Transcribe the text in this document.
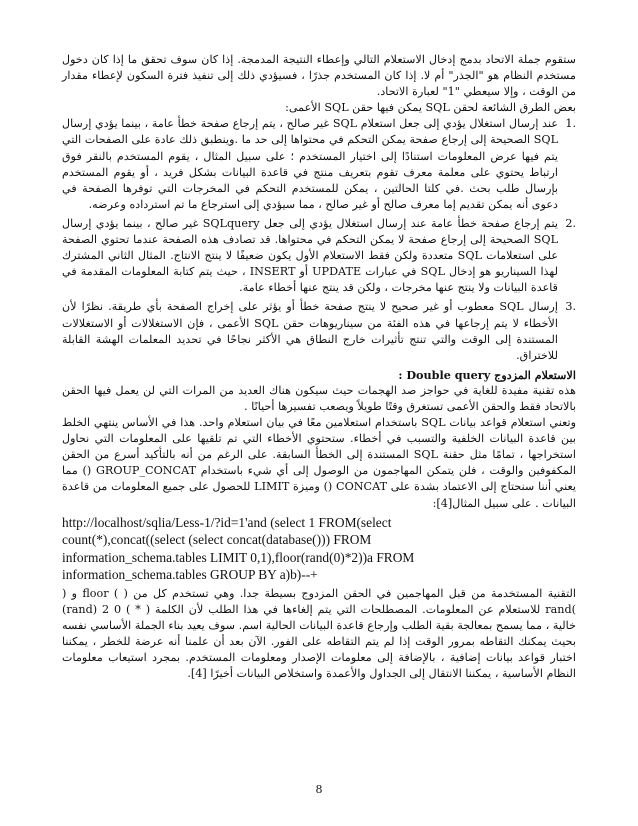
ستقوم جملة الاتحاد بدمج إدخال الاستعلام التالي وإعطاء النتيجة المدمجة. إذا كان سوف تحقق ما إذا كان دخول مستخدم النظام هو "الجذر" أم لا. إذا كان المستخدم جذرًا ، فسيؤدي ذلك إلى تنفيذ فترة السكون لإعطاء مقدار من الوقت ، وإلا سيعطي "1" لعبارة الاتحاد.

بعض الطرق الشائعة لحقن SQL يمكن فيها حقن SQL الأعمى:

.1
عند إرسال استغلال يؤدي إلى جعل استعلام SQL غير صالح ، يتم إرجاع صفحة خطأ عامة ، بينما يؤدي إرسال SQL الصحيحة إلى إرجاع صفحة يمكن التحكم في محتواها إلى حد ما .وينطبق ذلك عادة على الصفحات التي يتم فيها عرض المعلومات استنادًا إلى اختيار المستخدم ؛ على سبيل المثال ، يقوم المستخدم بالنقر فوق ارتباط يحتوي على معلمة معرف تقوم بتعريف منتج في قاعدة البيانات بشكل فريد ، أو يقوم المستخدم بإرسال طلب بحث .في كلتا الحالتين ، يمكن للمستخدم التحكم في المخرجات التي توفرها الصفحة في دعوى أنه يمكن تقديم إما معرف صالح أو غير صالح ، مما سيؤدي إلى استرجاع ما تم استرداده وعرضه.
.2
يتم إرجاع صفحة خطأ عامة عند إرسال استغلال يؤدي إلى جعل SQLquery غير صالح ، بينما يؤدي إرسال SQL الصحيحة إلى إرجاع صفحة لا يمكن التحكم في محتواها. قد تصادف هذه الصفحة عندما تحتوي الصفحة على استعلامات SQL متعددة ولكن فقط الاستعلام الأول يكون ضعيفًا لا ينتج الانتاج. المثال الثاني المشترك لهذا السيناريو هو إدخال SQL في عبارات UPDATE أو INSERT ، حيث يتم كتابة المعلومات المقدمة في قاعدة البيانات ولا ينتج عنها مخرجات ، ولكن قد ينتج عنها أخطاء عامة.
.3
إرسال SQL معطوب أو غير صحيح لا ينتج صفحة خطأ أو يؤثر على إخراج الصفحة بأي طريقة. نظرًا لأن الأخطاء لا يتم إرجاعها في هذه الفئة من سيناريوهات حقن SQL الأعمى ، فإن الاستغلالات أو الاستغلالات المستندة إلى الوقت والتي تنتج تأثيرات خارج النطاق هي الأكثر نجاحًا في تحديد المعلمات الهشة القابلة للاختراق.

الاستعلام المزدوج Double query :

هذه تقنية مفيدة للغاية في حواجز صد الهجمات حيث سيكون هناك العديد من المرات التي لن يعمل فيها الحقن بالاتحاد فقط والحقن الأعمى تستغرق وقتًا طويلاً ويصعب تفسيرها أحيانًا .

وتعني استعلام قواعد بيانات SQL باستخدام استعلامين معًا في بيان استعلام واحد. هذا في الأساس ينتهي الخلط بين قاعدة البيانات الخلفية والتسبب في أخطاء. ستحتوي الأخطاء التي تم تلقيها على المعلومات التي نحاول استخراجها ، تمامًا مثل حقنة SQL المستندة إلى الخطأ السابقة. على الرغم من أنه بالتأكيد أسرع من الحقن المكفوفين والوقت ، فلن يتمكن المهاجمون من الوصول إلى أي شيء باستخدام GROUP_CONCAT () مما يعني أننا سنحتاج إلى الاعتماد بشدة على CONCAT () وميزة LIMIT للحصول على جميع المعلومات من قاعدة البيانات . على سبيل المثال[4]:

http://localhost/sqlia/Less-1/?id=1'and (select 1 FROM(select
count(*),concat((select (select concat(database())) FROM
information_schema.tables LIMIT 0,1),floor(rand(0)*2))a FROM
information_schema.tables GROUP BY a)b)--+

التقنية المستخدمة من قبل المهاجمين في الحقن المزدوج بسيطة جدا. وهي تستخدم كل من ( ) floor و ( )rand للاستعلام عن المعلومات. المصطلحات التي يتم إلغاءها في هذا الطلب لأن الكلمة ( * ) 0 rand) 2) خالية ، مما يسمح بمعالجة بقية الطلب وإرجاع قاعدة البيانات الحالية اسم. سوف يعيد بناء الجملة الأساسي نفسه بحيث يمكنك التقاطه بمرور الوقت إذا لم يتم التقاطه على الفور. الآن بعد أن علمنا أنه عرضة للخطر ، يمكننا اختبار قواعد بيانات إضافية ، بالإضافة إلى معلومات الإصدار ومعلومات المستخدم. بمجرد استيعاب معلومات النظام الأساسية ، يمكننا الانتقال إلى الجداول والأعمدة واستخلاص البيانات أخيرًا [4].

8
